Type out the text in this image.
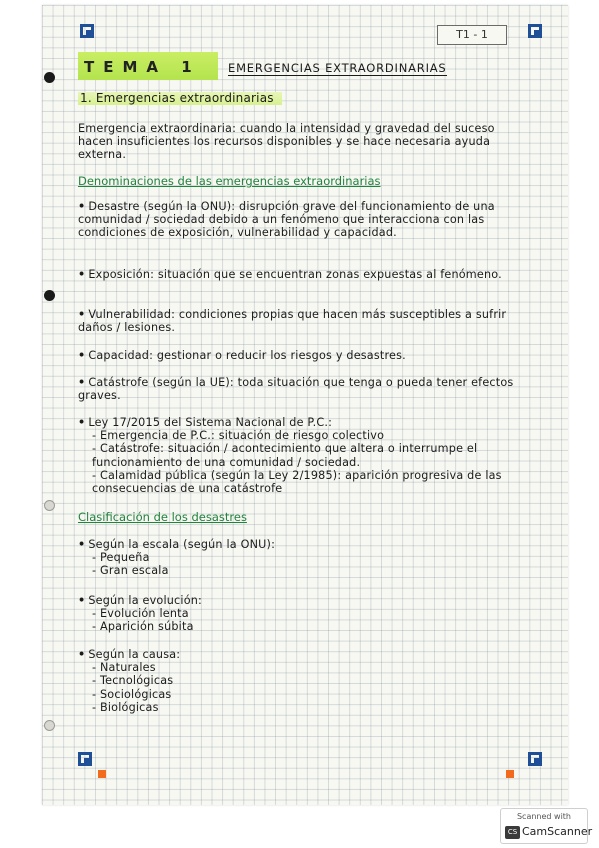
T1 - 1
TEMA 1	EMERGENCIAS EXTRAORDINARIAS
1. Emergencias extraordinarias
Emergencia extraordinaria: cuando la intensidad y gravedad del suceso hacen insuficientes los recursos disponibles y se hace necesaria ayuda externa.
Denominaciones de las emergencias extraordinarias
• Desastre (según la ONU): disrupción grave del funcionamiento de una comunidad / sociedad debido a un fenómeno que interacciona con las condiciones de exposición, vulnerabilidad y capacidad.
• Exposición: situación que se encuentran zonas expuestas al fenómeno.
• Vulnerabilidad: condiciones propias que hacen más susceptibles a sufrir daños / lesiones.
• Capacidad: gestionar o reducir los riesgos y desastres.
• Catástrofe (según la UE): toda situación que tenga o pueda tener efectos graves.
• Ley 17/2015 del Sistema Nacional de P.C.:
- Emergencia de P.C.: situación de riesgo colectivo
- Catástrofe: situación / acontecimiento que altera o interrumpe el funcionamiento de una comunidad / sociedad.
- Calamidad pública (según la Ley 2/1985): aparición progresiva de las consecuencias de una catástrofe
Clasificación de los desastres
• Según la escala (según la ONU):
- Pequeña
- Gran escala
• Según la evolución:
- Evolución lenta
- Aparición súbita
• Según la causa:
- Naturales
- Tecnológicas
- Sociológicas
- Biológicas
Scanned with
CS CamScanner
